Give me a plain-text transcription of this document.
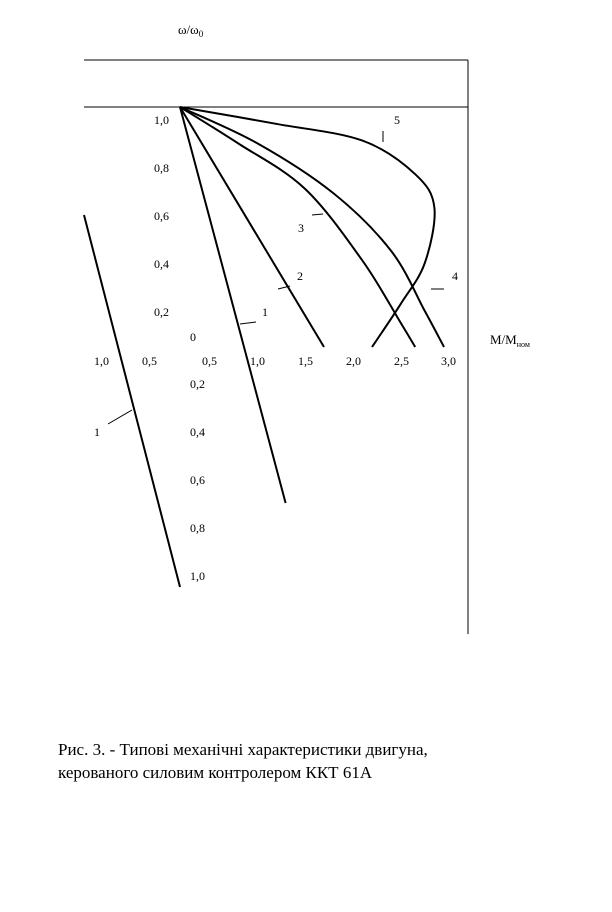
$\omega/\omega_0$
$M/M_{ном}$
0
0,2
0,4
0,6
0,8
1,0
0,2
0,4
0,6
0,8
1,0
0,5	1,0	1,5	2,0	2,5	3,0
0,5
1,0
1
1
2
3
4
5
Рис. 3. - Типові механічні характеристики двигуна,
керованого силовим контролером ККТ 61А
